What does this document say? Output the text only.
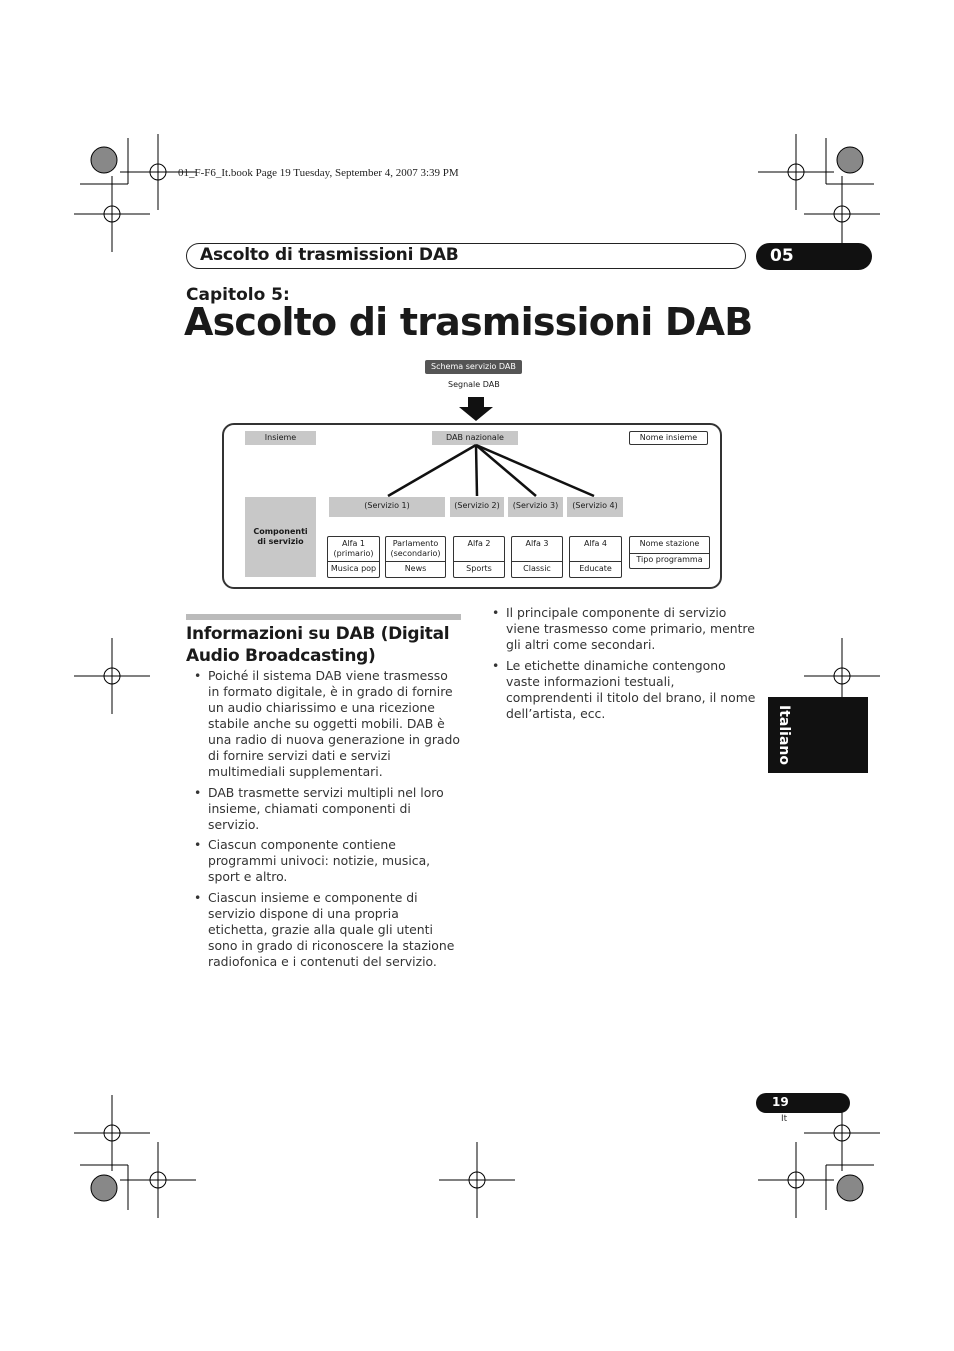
01_F-F6_It.book Page 19 Tuesday, September 4, 2007 3:39 PM
Ascolto di trasmissioni DAB	05
Capitolo 5:
Ascolto di trasmissioni DAB
Schema servizio DAB
Segnale DAB
Insieme	DAB nazionale	Nome insieme
Componenti di servizio
(Servizio 1)	(Servizio 2)	(Servizio 3)	(Servizio 4)
Alfa 1 (primario)
Musica pop
Parlamento (secondario)
News
Alfa 2
Sports
Alfa 3
Classic
Alfa 4
Educate
Nome stazione
Tipo programma
Informazioni su DAB (Digital Audio Broadcasting)
• Poiché il sistema DAB viene trasmesso in formato digitale, è in grado di fornire un audio chiarissimo e una ricezione stabile anche su oggetti mobili. DAB è una radio di nuova generazione in grado di fornire servizi dati e servizi multimediali supplementari.
• DAB trasmette servizi multipli nel loro insieme, chiamati componenti di servizio.
• Ciascun componente contiene programmi univoci: notizie, musica, sport e altro.
• Ciascun insieme e componente di servizio dispone di una propria etichetta, grazie alla quale gli utenti sono in grado di riconoscere la stazione radiofonica e i contenuti del servizio.
• Il principale componente di servizio viene trasmesso come primario, mentre gli altri come secondari.
• Le etichette dinamiche contengono vaste informazioni testuali, comprendenti il titolo del brano, il nome dell’artista, ecc.	Italiano
19
It
